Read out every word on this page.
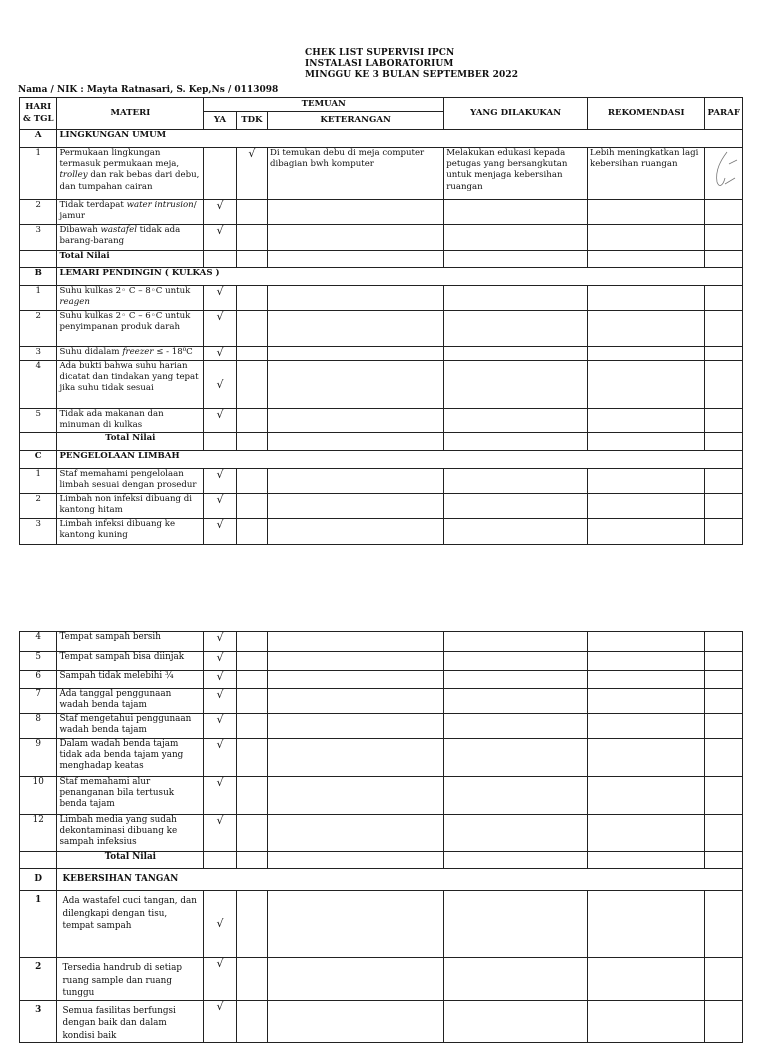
CHEK LIST SUPERVISI IPCN
INSTALASI LABORATORIUM
MINGGU KE 3 BULAN SEPTEMBER 2022
Nama / NIK : Mayta Ratnasari, S. Kep,Ns / 0113098
HARI & TGL	MATERI	TEMUAN			YANG DILAKUKAN	REKOMENDASI	PARAF
		YA	TDK	KETERANGAN			
A	LINGKUNGAN UMUM						
1	Permukaan lingkungan termasuk permukaan meja, trolley dan rak bebas dari debu, dan tumpahan cairan		√	Di temukan debu di meja computer dibagian bwh komputer	Melakukan edukasi kepada petugas yang bersangkutan untuk menjaga kebersihan ruangan	Lebih meningkatkan lagi kebersihan ruangan	
2	Tidak terdapat water intrusion/ jamur	√					
3	Dibawah wastafel tidak ada barang-barang	√					
	Total Nilai						
B	LEMARI PENDINGIN ( KULKAS )						
1	Suhu kulkas 2◦ C – 8◦C untuk reagen	√					
2	Suhu kulkas 2◦ C – 6◦C untuk penyimpanan produk darah	√					
3	Suhu didalam freezer ≤ - 18⁰C	√					
4	Ada bukti bahwa suhu harian dicatat dan tindakan yang tepat jika suhu tidak sesuai	√					
5	Tidak ada makanan dan minuman di kulkas	√					
	Total Nilai						
C	PENGELOLAAN LIMBAH						
1	Staf memahami pengelolaan limbah sesuai dengan prosedur	√					
2	Limbah non infeksi dibuang di kantong hitam	√					
3	Limbah infeksi dibuang ke kantong kuning	√					
4	Tempat sampah bersih	√					
5	Tempat sampah bisa diinjak	√					
6	Sampah tidak melebihi ¾	√					
7	Ada tanggal penggunaan wadah benda tajam	√					
8	Staf mengetahui penggunaan wadah benda tajam	√					
9	Dalam wadah benda tajam tidak ada benda tajam yang menghadap keatas	√					
10	Staf memahami alur penanganan bila tertusuk benda tajam	√					
12	Limbah media yang sudah dekontaminasi dibuang ke sampah infeksius	√					
	Total Nilai						
D	KEBERSIHAN TANGAN						
1	Ada wastafel cuci tangan, dan dilengkapi dengan tisu, tempat sampah	√					
2	Tersedia handrub di setiap ruang sample dan ruang tunggu	√					
3	Semua fasilitas berfungsi dengan baik dan dalam kondisi baik	√					
